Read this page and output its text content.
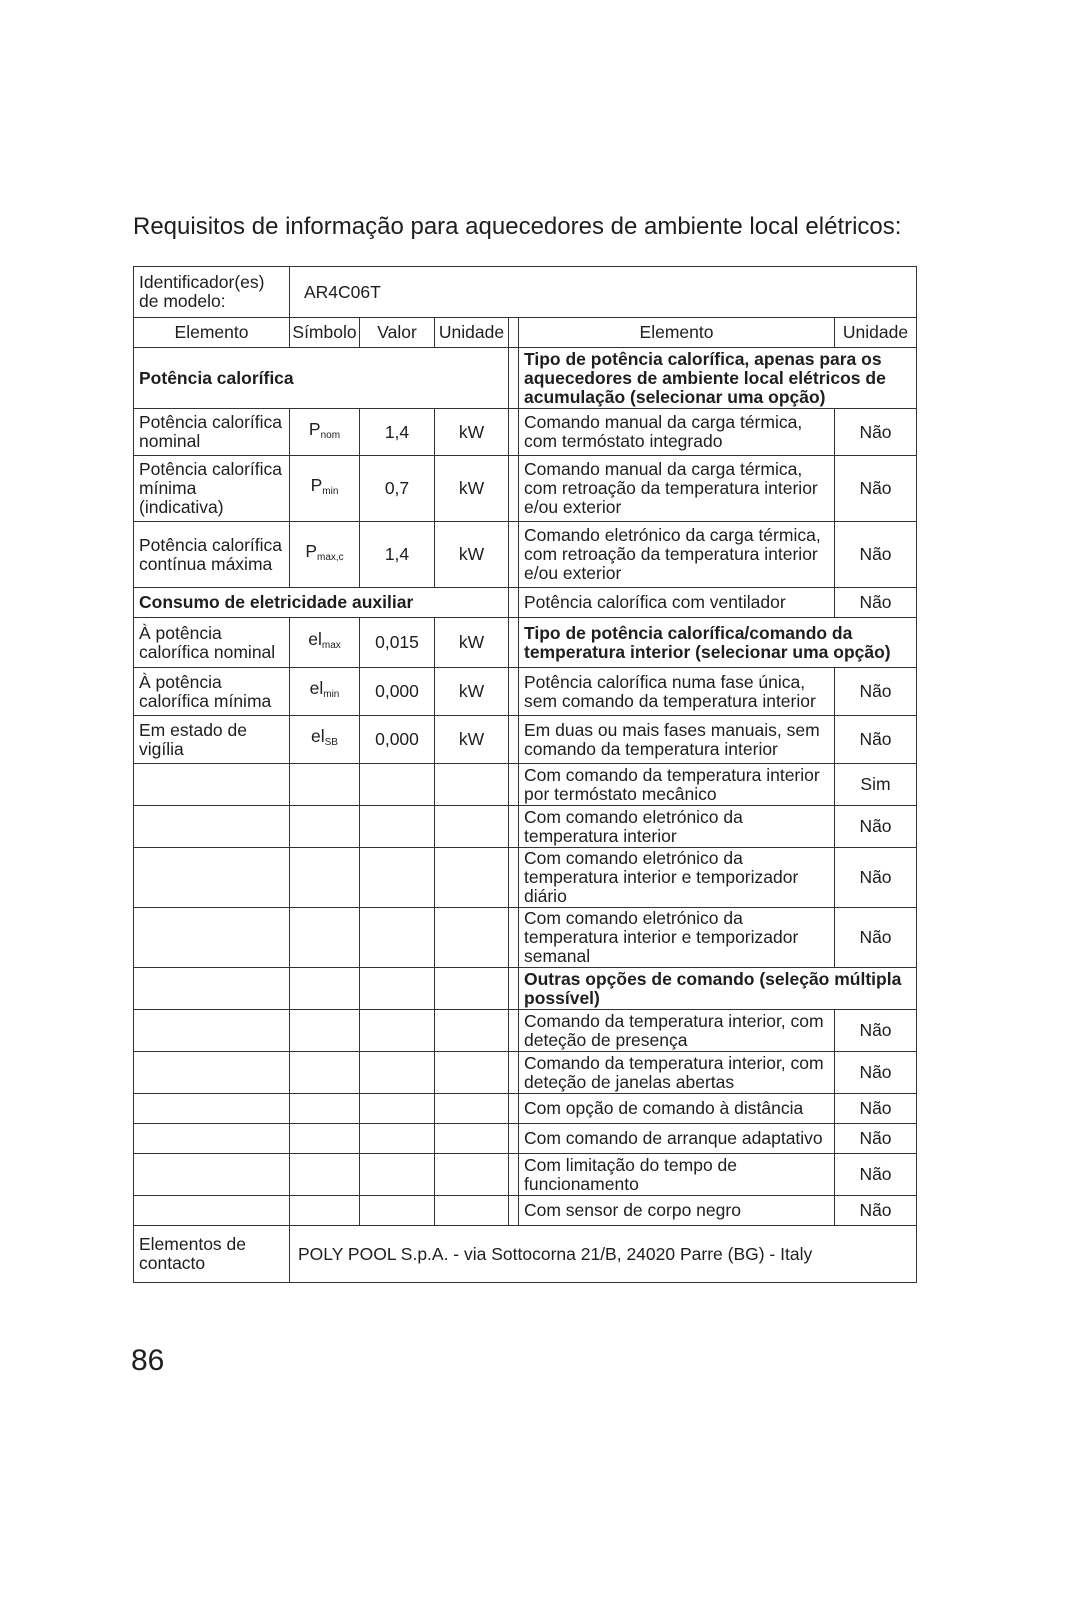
Requisitos de informação para aquecedores de ambiente local elétricos:
Identificador(es) de modelo:	AR4C06T					
Elemento	Símbolo	Valor	Unidade		Elemento	Unidade
Potência calorífica					Tipo de potência calorífica, apenas para os aquecedores de ambiente local elétricos de acumulação (selecionar uma opção)	
Potência calorífica nominal	$P_{nom}$	1,4	kW		Comando manual da carga térmica, com termóstato integrado	Não
Potência calorífica mínima (indicativa)	$P_{min}$	0,7	kW		Comando manual da carga térmica, com retroação da temperatura interior e/ou exterior	Não
Potência calorífica contínua máxima	$P_{max,c}$	1,4	kW		Comando eletrónico da carga térmica, com retroação da temperatura interior e/ou exterior	Não
Consumo de eletricidade auxiliar					Potência calorífica com ventilador	Não
À potência calorífica nominal	$el_{max}$	0,015	kW		Tipo de potência calorífica/comando da temperatura interior (selecionar uma opção)	
À potência calorífica mínima	$el_{min}$	0,000	kW		Potência calorífica numa fase única, sem comando da temperatura interior	Não
Em estado de vigília	$el_{SB}$	0,000	kW		Em duas ou mais fases manuais, sem comando da temperatura interior	Não
					Com comando da temperatura interior por termóstato mecânico	Sim
					Com comando eletrónico da temperatura interior	Não
					Com comando eletrónico da temperatura interior e temporizador diário	Não
					Com comando eletrónico da temperatura interior e temporizador semanal	Não
					Outras opções de comando (seleção múltipla possível)	
					Comando da temperatura interior, com deteção de presença	Não
					Comando da temperatura interior, com deteção de janelas abertas	Não
					Com opção de comando à distância	Não
					Com comando de arranque adaptativo	Não
					Com limitação do tempo de funcionamento	Não
					Com sensor de corpo negro	Não
Elementos de contacto	POLY POOL S.p.A. - via Sottocorna 21/B, 24020 Parre (BG) - Italy					
86
